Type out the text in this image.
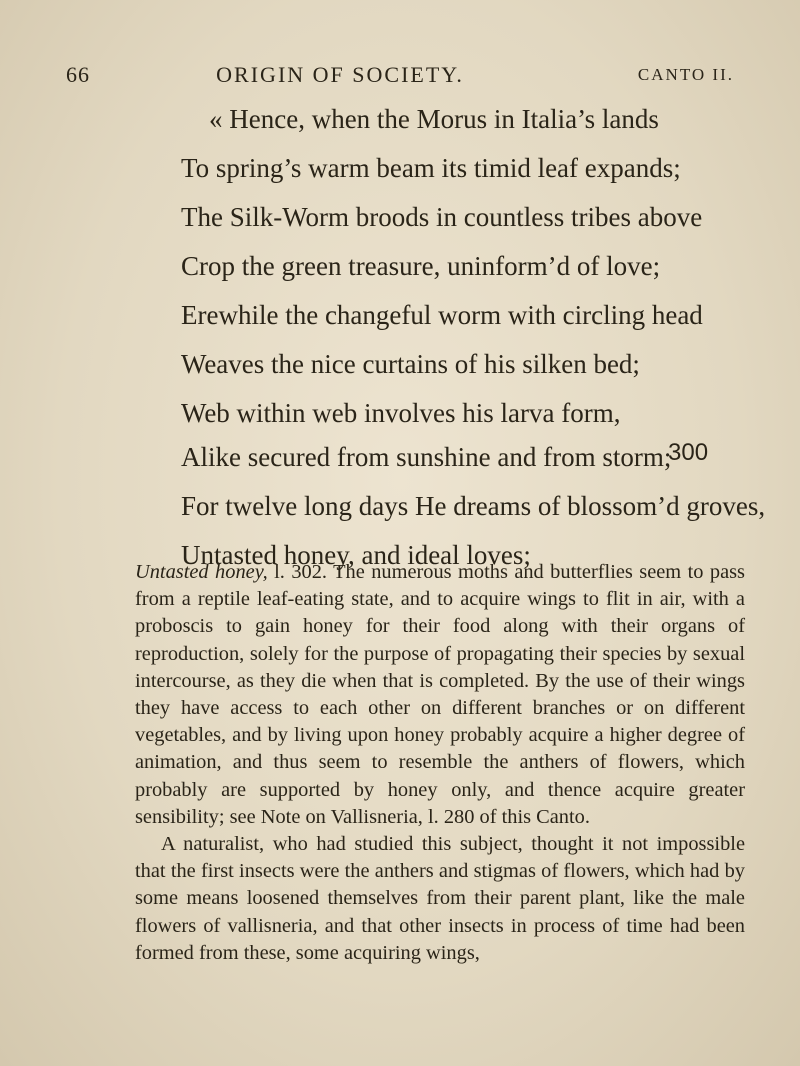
66	ORIGIN OF SOCIETY.	CANTO II.
« Hence, when the Morus in Italia’s lands
To spring’s warm beam its timid leaf expands;
The Silk-Worm broods in countless tribes above
Crop the green treasure, uninform’d of love;
Erewhile the changeful worm with circling head
Weaves the nice curtains of his silken bed;
Web within web involves his larva form,
Alike secured from sunshine and from storm;
For twelve long days He dreams of blossom’d groves,
Untasted honey, and ideal loves;
300

Untasted honey, l. 302. The numerous moths and butterflies seem to pass from a reptile leaf-eating state, and to acquire wings to flit in air, with a proboscis to gain honey for their food along with their organs of reproduction, solely for the purpose of propagating their species by sexual intercourse, as they die when that is completed. By the use of their wings they have access to each other on different branches or on different vegetables, and by living upon honey probably acquire a higher degree of animation, and thus seem to resemble the anthers of flowers, which probably are supported by honey only, and thence acquire greater sensibility; see Note on Vallisneria, l. 280 of this Canto.

A naturalist, who had studied this subject, thought it not impossible that the first insects were the anthers and stigmas of flowers, which had by some means loosened themselves from their parent plant, like the male flowers of vallisneria, and that other insects in process of time had been formed from these, some acquiring wings,
